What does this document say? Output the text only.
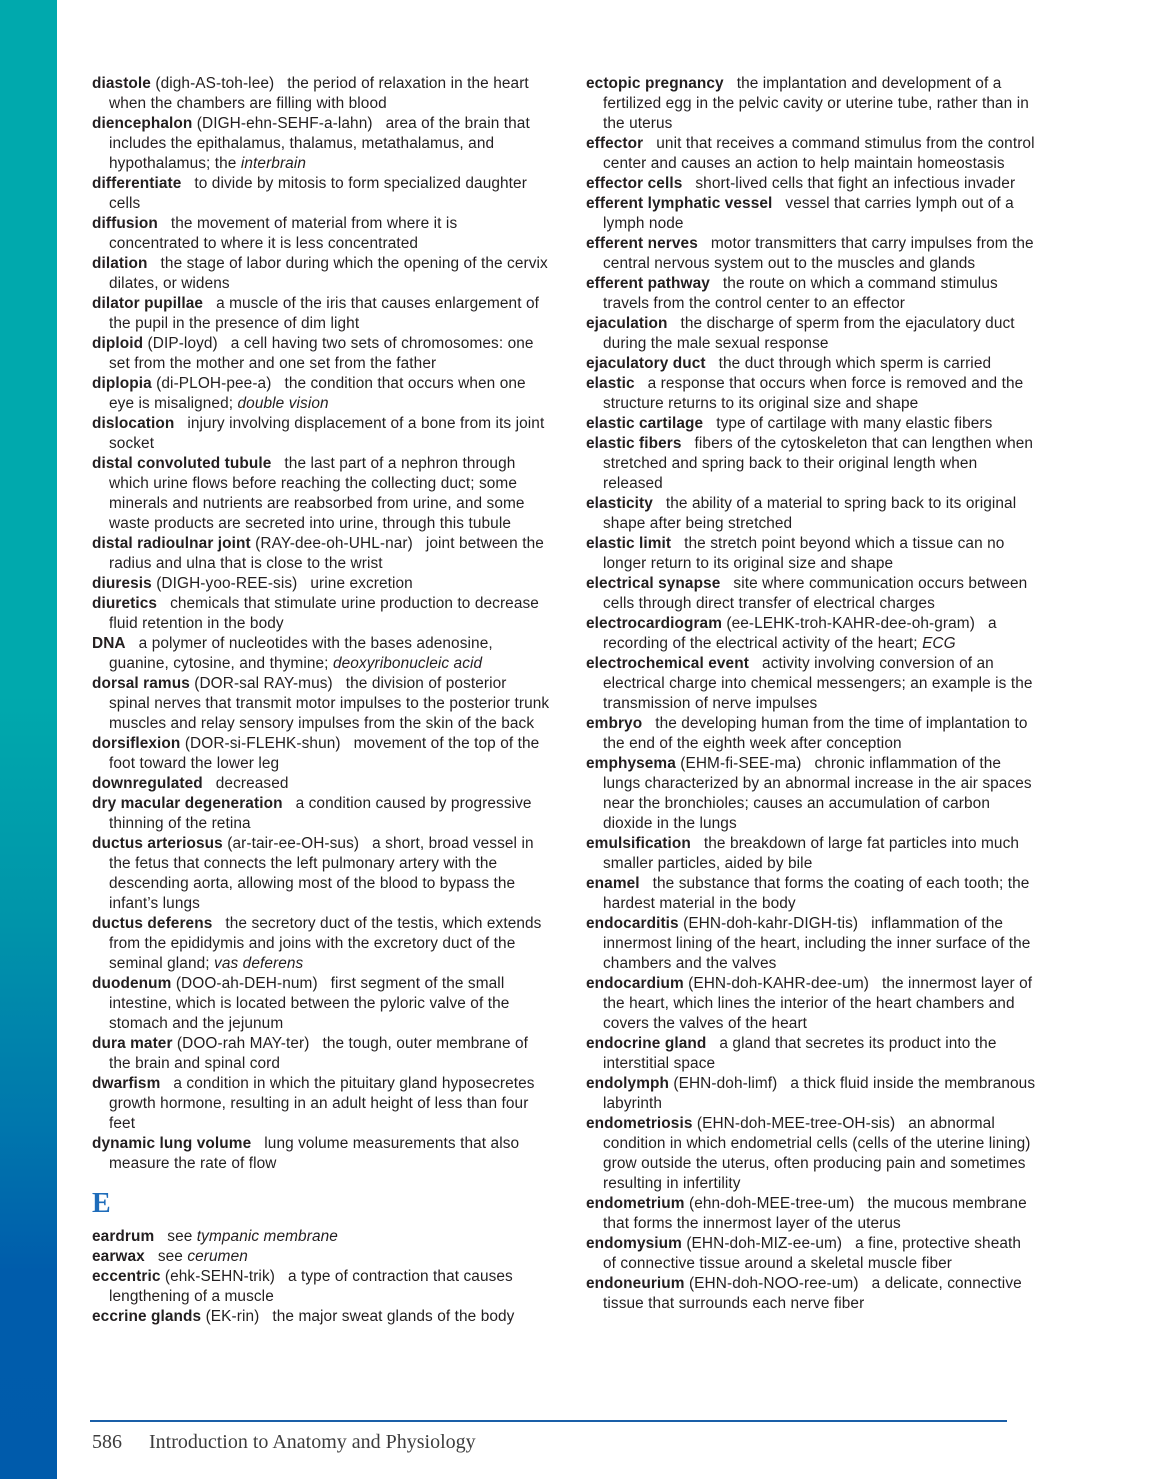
diastole (digh-AS-toh-lee) the period of relaxation in the heart when the chambers are filling with blood
diencephalon (DIGH-ehn-SEHF-a-lahn) area of the brain that includes the epithalamus, thalamus, metathalamus, and hypothalamus; the interbrain
differentiate to divide by mitosis to form specialized daughter cells
diffusion the movement of material from where it is concentrated to where it is less concentrated
dilation the stage of labor during which the opening of the cervix dilates, or widens
dilator pupillae a muscle of the iris that causes enlargement of the pupil in the presence of dim light
diploid (DIP-loyd) a cell having two sets of chromosomes: one set from the mother and one set from the father
diplopia (di-PLOH-pee-a) the condition that occurs when one eye is misaligned; double vision
dislocation injury involving displacement of a bone from its joint socket
distal convoluted tubule the last part of a nephron through which urine flows before reaching the collecting duct; some minerals and nutrients are reabsorbed from urine, and some waste products are secreted into urine, through this tubule
distal radioulnar joint (RAY-dee-oh-UHL-nar) joint between the radius and ulna that is close to the wrist
diuresis (DIGH-yoo-REE-sis) urine excretion
diuretics chemicals that stimulate urine production to decrease fluid retention in the body
DNA a polymer of nucleotides with the bases adenosine, guanine, cytosine, and thymine; deoxyribonucleic acid
dorsal ramus (DOR-sal RAY-mus) the division of posterior spinal nerves that transmit motor impulses to the posterior trunk muscles and relay sensory impulses from the skin of the back
dorsiflexion (DOR-si-FLEHK-shun) movement of the top of the foot toward the lower leg
downregulated decreased
dry macular degeneration a condition caused by progressive thinning of the retina
ductus arteriosus (ar-tair-ee-OH-sus) a short, broad vessel in the fetus that connects the left pulmonary artery with the descending aorta, allowing most of the blood to bypass the infant’s lungs
ductus deferens the secretory duct of the testis, which extends from the epididymis and joins with the excretory duct of the seminal gland; vas deferens
duodenum (DOO-ah-DEH-num) first segment of the small intestine, which is located between the pyloric valve of the stomach and the jejunum
dura mater (DOO-rah MAY-ter) the tough, outer membrane of the brain and spinal cord
dwarfism a condition in which the pituitary gland hyposecretes growth hormone, resulting in an adult height of less than four feet
dynamic lung volume lung volume measurements that also measure the rate of flow
E
eardrum see tympanic membrane
earwax see cerumen
eccentric (ehk-SEHN-trik) a type of contraction that causes lengthening of a muscle
eccrine glands (EK-rin) the major sweat glands of the body
ectopic pregnancy the implantation and development of a fertilized egg in the pelvic cavity or uterine tube, rather than in the uterus
effector unit that receives a command stimulus from the control center and causes an action to help maintain homeostasis
effector cells short-lived cells that fight an infectious invader
efferent lymphatic vessel vessel that carries lymph out of a lymph node
efferent nerves motor transmitters that carry impulses from the central nervous system out to the muscles and glands
efferent pathway the route on which a command stimulus travels from the control center to an effector
ejaculation the discharge of sperm from the ejaculatory duct during the male sexual response
ejaculatory duct the duct through which sperm is carried
elastic a response that occurs when force is removed and the structure returns to its original size and shape
elastic cartilage type of cartilage with many elastic fibers
elastic fibers fibers of the cytoskeleton that can lengthen when stretched and spring back to their original length when released
elasticity the ability of a material to spring back to its original shape after being stretched
elastic limit the stretch point beyond which a tissue can no longer return to its original size and shape
electrical synapse site where communication occurs between cells through direct transfer of electrical charges
electrocardiogram (ee-LEHK-troh-KAHR-dee-oh-gram) a recording of the electrical activity of the heart; ECG
electrochemical event activity involving conversion of an electrical charge into chemical messengers; an example is the transmission of nerve impulses
embryo the developing human from the time of implantation to the end of the eighth week after conception
emphysema (EHM-fi-SEE-ma) chronic inflammation of the lungs characterized by an abnormal increase in the air spaces near the bronchioles; causes an accumulation of carbon dioxide in the lungs
emulsification the breakdown of large fat particles into much smaller particles, aided by bile
enamel the substance that forms the coating of each tooth; the hardest material in the body
endocarditis (EHN-doh-kahr-DIGH-tis) inflammation of the innermost lining of the heart, including the inner surface of the chambers and the valves
endocardium (EHN-doh-KAHR-dee-um) the innermost layer of the heart, which lines the interior of the heart chambers and covers the valves of the heart
endocrine gland a gland that secretes its product into the interstitial space
endolymph (EHN-doh-limf) a thick fluid inside the membranous labyrinth
endometriosis (EHN-doh-MEE-tree-OH-sis) an abnormal condition in which endometrial cells (cells of the uterine lining) grow outside the uterus, often producing pain and sometimes resulting in infertility
endometrium (ehn-doh-MEE-tree-um) the mucous membrane that forms the innermost layer of the uterus
endomysium (EHN-doh-MIZ-ee-um) a fine, protective sheath of connective tissue around a skeletal muscle fiber
endoneurium (EHN-doh-NOO-ree-um) a delicate, connective tissue that surrounds each nerve fiber
586 Introduction to Anatomy and Physiology
